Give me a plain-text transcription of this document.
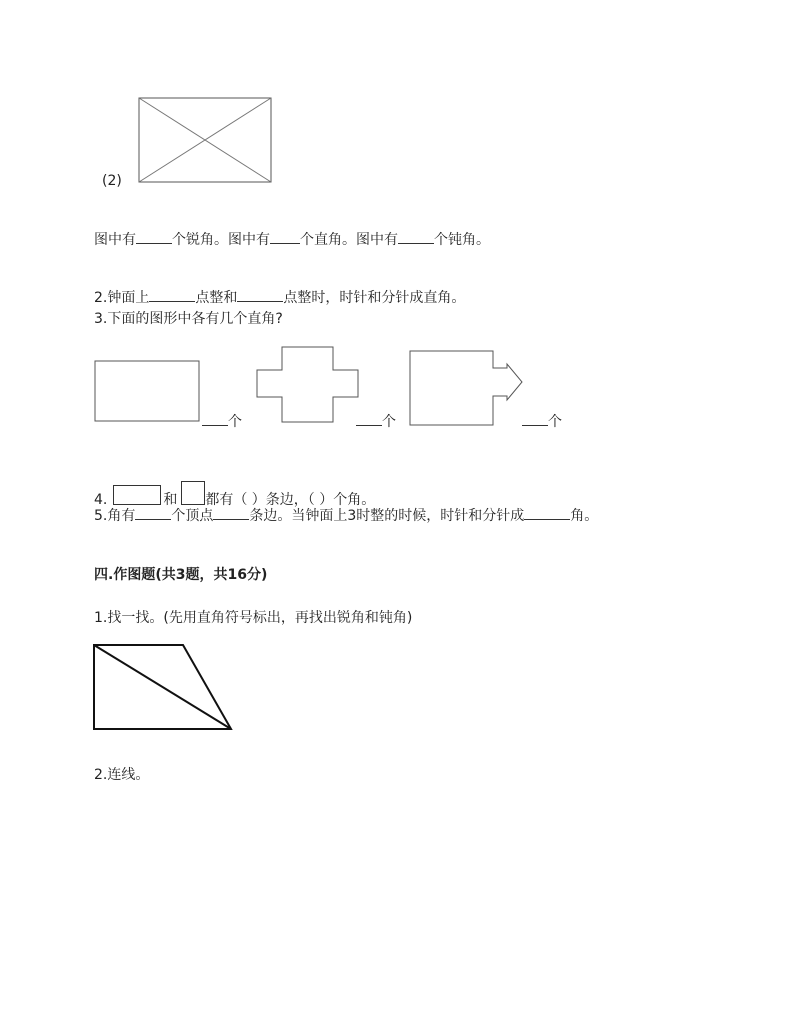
(2)
图中有	个锐角。图中有 个直角。图中有	个钝角。
2.钟面上	点整和	点整时，时针和分针成直角。
3.下面的图形中各有几个直角?
个	个	个
4.	和 都有（ ）条边，（ ）个角。
5.角有	个顶点	条边。当钟面上3时整的时候，时针和分针成	角。
四.作图题(共3题，共16分)
1.找一找。(先用直角符号标出，再找出锐角和钝角)
2.连线。
